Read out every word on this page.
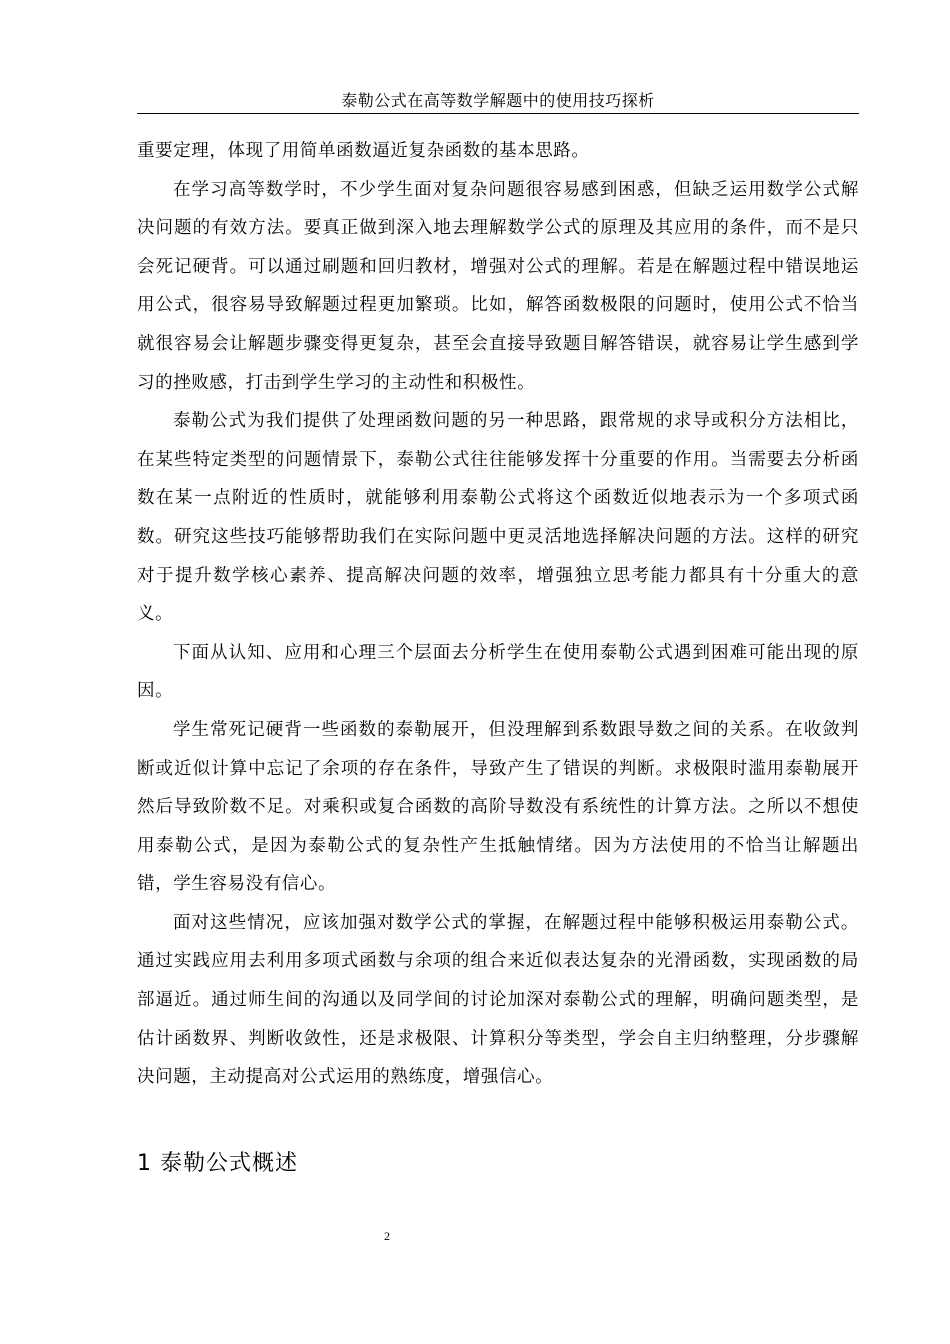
泰勒公式在高等数学解题中的使用技巧探析

重要定理，体现了用简单函数逼近复杂函数的基本思路。

在学习高等数学时，不少学生面对复杂问题很容易感到困惑，但缺乏运用数学公式解决问题的有效方法。要真正做到深入地去理解数学公式的原理及其应用的条件，而不是只会死记硬背。可以通过刷题和回归教材，增强对公式的理解。若是在解题过程中错误地运用公式，很容易导致解题过程更加繁琐。比如，解答函数极限的问题时，使用公式不恰当就很容易会让解题步骤变得更复杂，甚至会直接导致题目解答错误，就容易让学生感到学习的挫败感，打击到学生学习的主动性和积极性。

泰勒公式为我们提供了处理函数问题的另一种思路，跟常规的求导或积分方法相比，在某些特定类型的问题情景下，泰勒公式往往能够发挥十分重要的作用。当需要去分析函数在某一点附近的性质时，就能够利用泰勒公式将这个函数近似地表示为一个多项式函数。研究这些技巧能够帮助我们在实际问题中更灵活地选择解决问题的方法。这样的研究对于提升数学核心素养、提高解决问题的效率，增强独立思考能力都具有十分重大的意义。

下面从认知、应用和心理三个层面去分析学生在使用泰勒公式遇到困难可能出现的原因。

学生常死记硬背一些函数的泰勒展开，但没理解到系数跟导数之间的关系。在收敛判断或近似计算中忘记了余项的存在条件，导致产生了错误的判断。求极限时滥用泰勒展开然后导致阶数不足。对乘积或复合函数的高阶导数没有系统性的计算方法。之所以不想使用泰勒公式，是因为泰勒公式的复杂性产生抵触情绪。因为方法使用的不恰当让解题出错，学生容易没有信心。

面对这些情况，应该加强对数学公式的掌握，在解题过程中能够积极运用泰勒公式。通过实践应用去利用多项式函数与余项的组合来近似表达复杂的光滑函数，实现函数的局部逼近。通过师生间的沟通以及同学间的讨论加深对泰勒公式的理解，明确问题类型，是估计函数界、判断收敛性，还是求极限、计算积分等类型，学会自主归纳整理，分步骤解决问题，主动提高对公式运用的熟练度，增强信心。

1 泰勒公式概述
2
